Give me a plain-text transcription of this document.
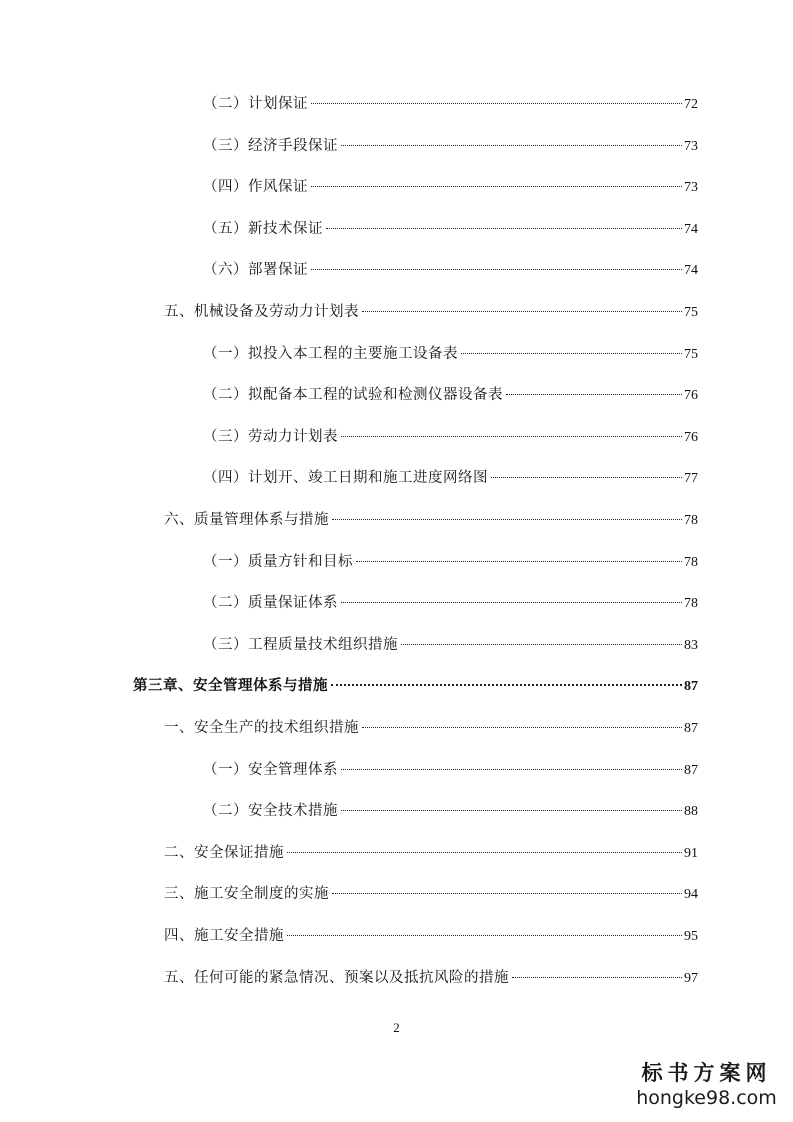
（二）计划保证	72
（三）经济手段保证	73
（四）作风保证	73
（五）新技术保证	74
（六）部署保证	74
五、机械设备及劳动力计划表	75
（一）拟投入本工程的主要施工设备表	75
（二）拟配备本工程的试验和检测仪器设备表	76
（三）劳动力计划表	76
（四）计划开、竣工日期和施工进度网络图	77
六、质量管理体系与措施	78
（一）质量方针和目标	78
（二）质量保证体系	78
（三）工程质量技术组织措施	83
第三章、安全管理体系与措施	87
一、安全生产的技术组织措施	87
（一）安全管理体系	87
（二）安全技术措施	88
二、安全保证措施	91
三、施工安全制度的实施	94
四、施工安全措施	95
五、任何可能的紧急情况、预案以及抵抗风险的措施	97
2
标书方案网
hongke98.com
